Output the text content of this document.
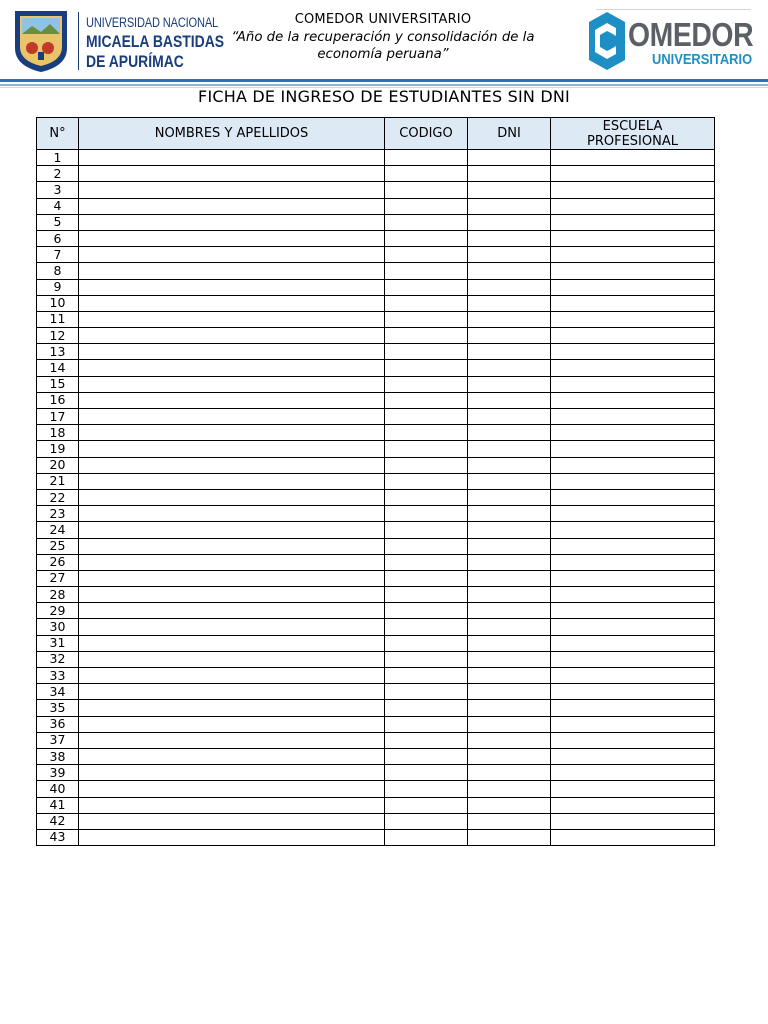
UNIVERSIDAD NACIONAL
MICAELA BASTIDAS
DE APURÍMAC
COMEDOR UNIVERSITARIO
“Año de la recuperación y consolidación de la economía peruana”
OMEDOR
UNIVERSITARIO
FICHA DE INGRESO DE ESTUDIANTES SIN DNI
N°	NOMBRES Y APELLIDOS	CODIGO	DNI	ESCUELA
PROFESIONAL
1				
2				
3				
4				
5				
6				
7				
8				
9				
10				
11				
12				
13				
14				
15				
16				
17				
18				
19				
20				
21				
22				
23				
24				
25				
26				
27				
28				
29				
30				
31				
32				
33				
34				
35				
36				
37				
38				
39				
40				
41				
42				
43				
